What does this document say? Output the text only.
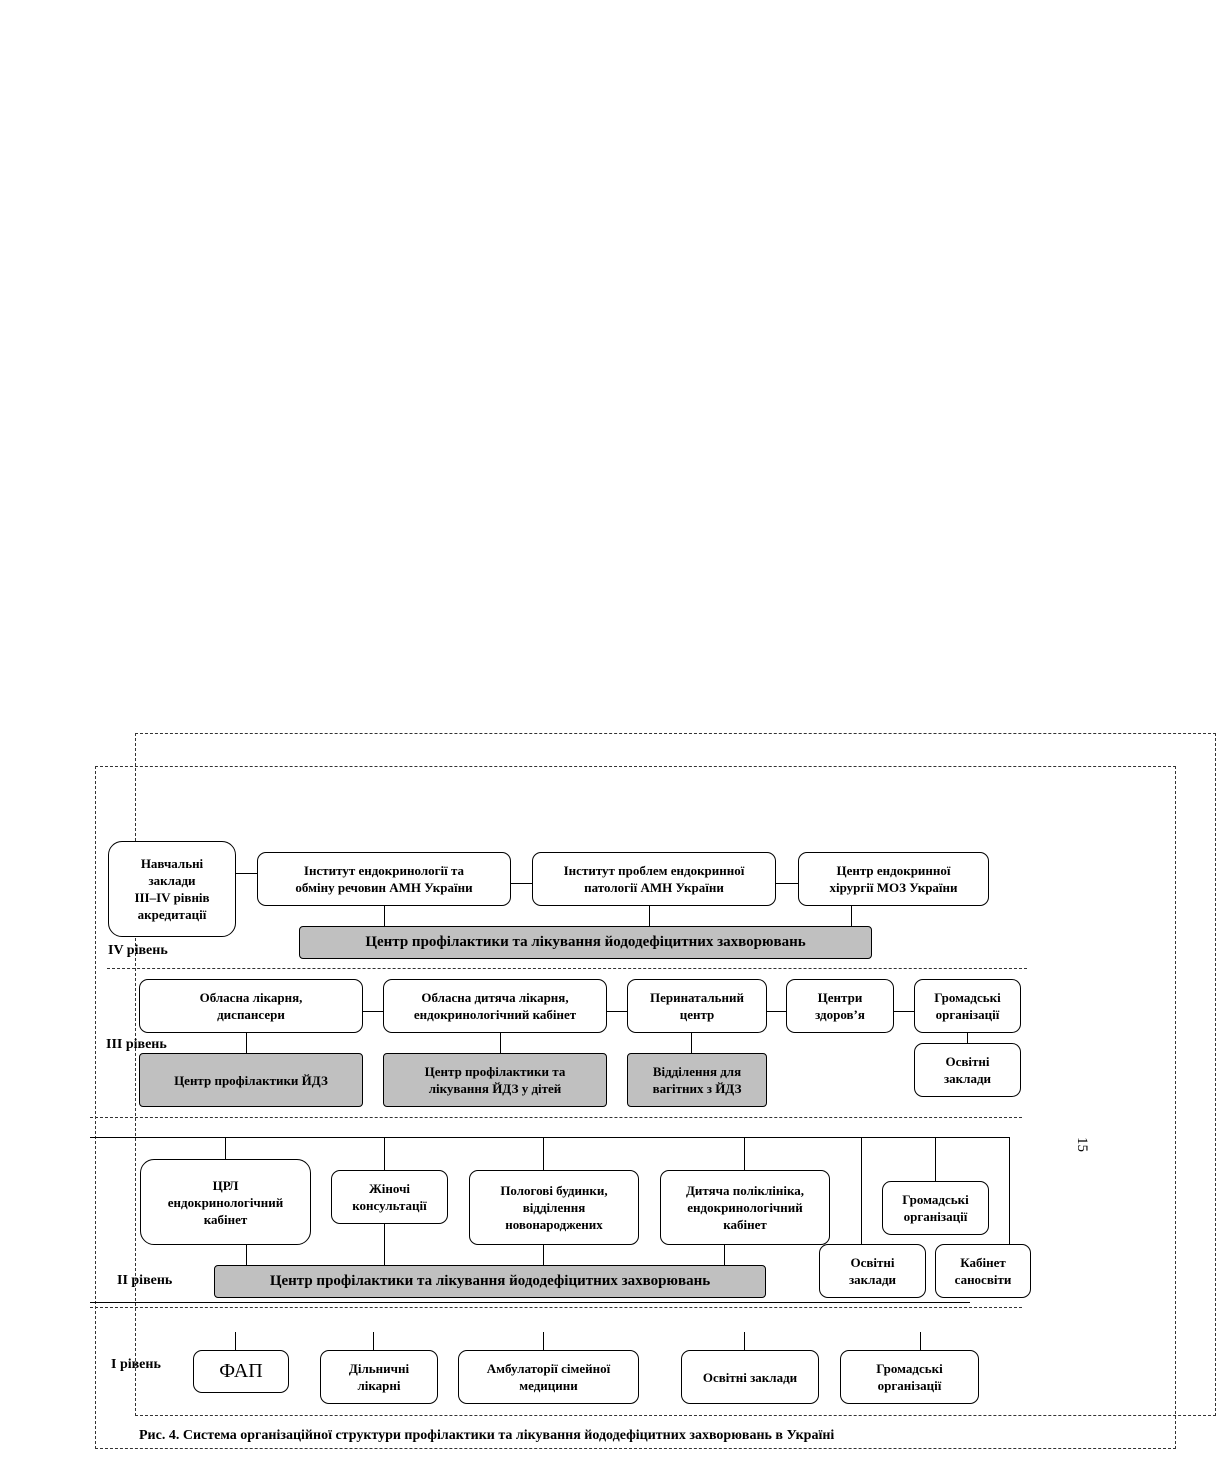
Навчальні
заклади
III–IV рівнів
акредитації
Інститут ендокринології та
обміну речовин АМН України
Інститут проблем ендокринної
патології АМН України
Центр ендокринної
хірургії МОЗ України
Центр профілактики та лікування йододефіцитних захворювань
IV рівень
Обласна лікарня,
диспансери
Обласна дитяча лікарня,
ендокринологічний кабінет
Перинатальний
центр
Центри
здоров’я
Громадські
організації
Освітні
заклади
Центр профілактики ЙДЗ
Центр профілактики та
лікування ЙДЗ у дітей
Відділення для
вагітних з ЙДЗ
III рівень
ЦРЛ
ендокринологічний
кабінет
Жіночі
консультації
Пологові будинки,
відділення
новонароджених
Дитяча поліклініка,
ендокринологічний
кабінет
Громадські
організації
Освітні
заклади
Кабінет
саносвіти
Центр профілактики та лікування йододефіцитних захворювань
II рівень
ФАП	Дільничні
лікарні
Амбулаторії сімейної
медицини
Освітні заклади
Громадські
організації
І рівень
Рис. 4. Система організаційної структури профілактики та лікування йододефіцитних захворювань в Україні
15
